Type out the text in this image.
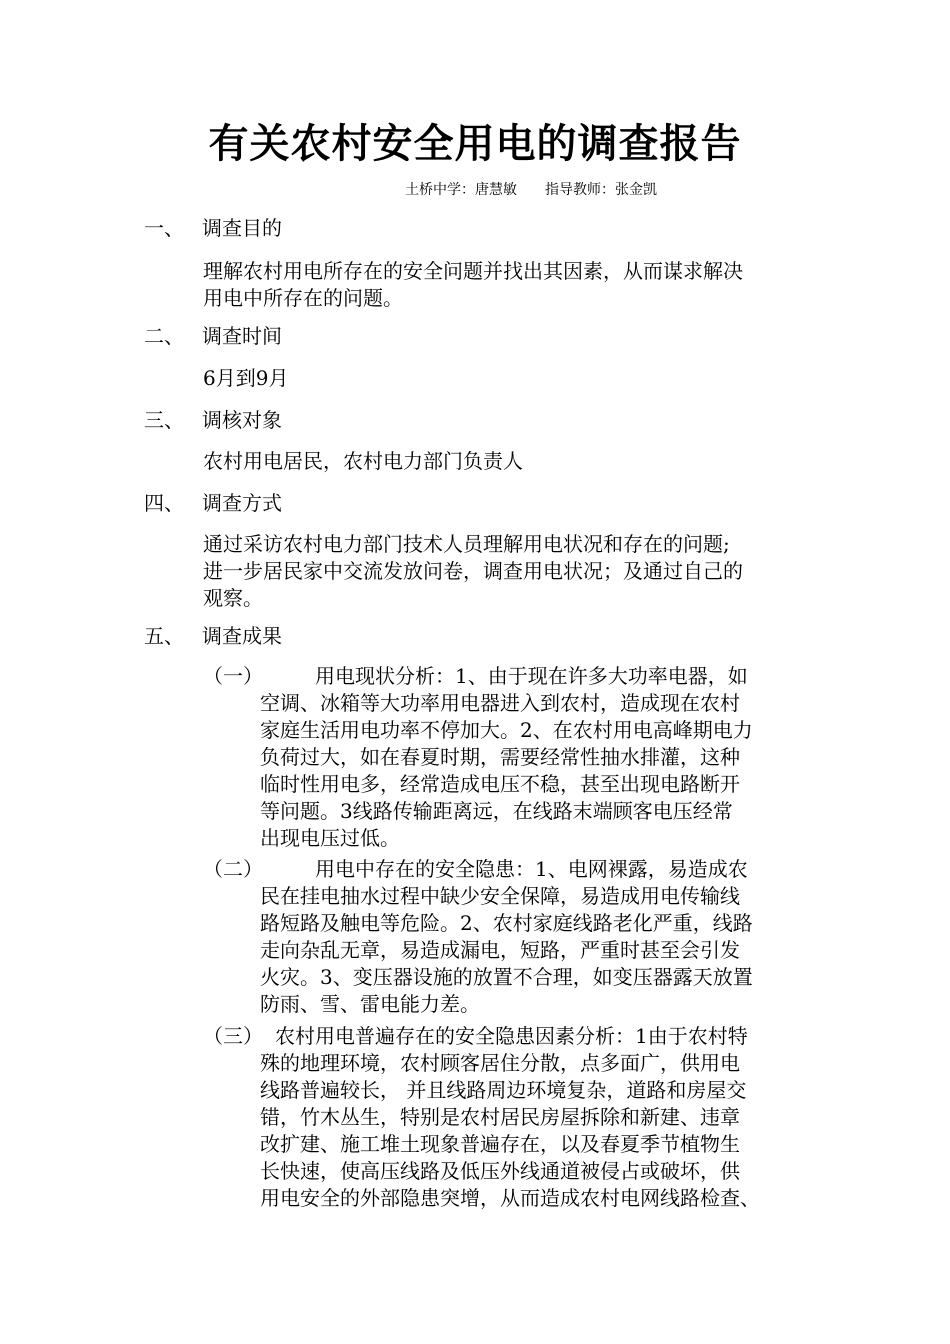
有关农村安全用电的调查报告
土桥中学：唐慧敏　　指导教师：张金凯
一、 调查目的
理解农村用电所存在的安全问题并找出其因素，从而谋求解决
用电中所存在的问题。
二、 调查时间
6月到9月
三、 调核对象
农村用电居民，农村电力部门负责人
四、 调查方式
通过采访农村电力部门技术人员理解用电状况和存在的问题;
进一步居民家中交流发放问卷，调查用电状况；及通过自己的
观察。
五、 调查成果
（一）	用电现状分析：1、由于现在许多大功率电器，如
空调、冰箱等大功率用电器进入到农村，造成现在农村
家庭生活用电功率不停加大。2、在农村用电高峰期电力
负荷过大，如在春夏时期，需要经常性抽水排灌，这种
临时性用电多，经常造成电压不稳，甚至出现电路断开
等问题。3线路传输距离远，在线路末端顾客电压经常
出现电压过低。
（二）	用电中存在的安全隐患：1、电网裸露，易造成农
民在挂电抽水过程中缺少安全保障，易造成用电传输线
路短路及触电等危险。2、农村家庭线路老化严重，线路
走向杂乱无章，易造成漏电，短路，严重时甚至会引发
火灾。3、变压器设施的放置不合理，如变压器露天放置
防雨、雪、雷电能力差。
（三） 农村用电普遍存在的安全隐患因素分析：1由于农村特
殊的地理环境，农村顾客居住分散，点多面广，供用电
线路普遍较长， 并且线路周边环境复杂，道路和房屋交
错，竹木丛生，特别是农村居民房屋拆除和新建、违章
改扩建、施工堆土现象普遍存在，以及春夏季节植物生
长快速，使高压线路及低压外线通道被侵占或破坏，供
用电安全的外部隐患突增，从而造成农村电网线路检查、
